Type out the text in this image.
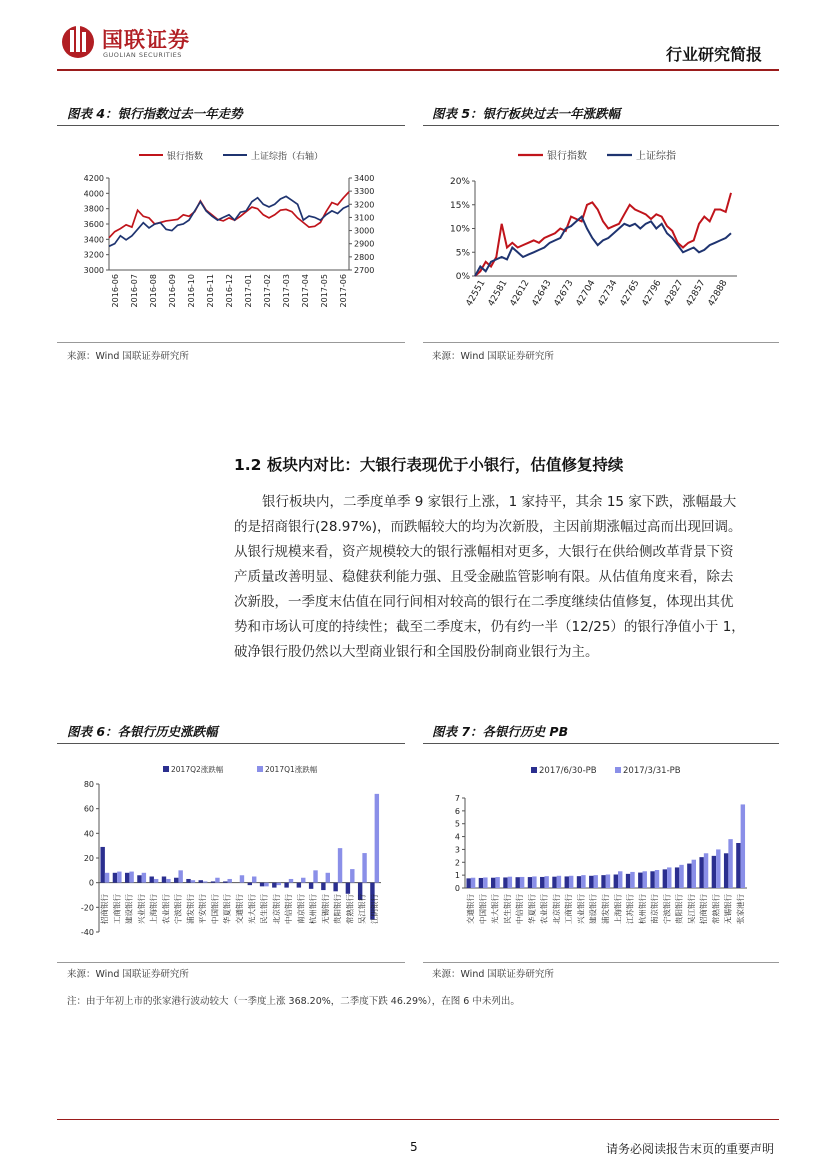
国联证券
GUOLIAN SECURITIES	行业研究简报
图表 4：银行指数过去一年走势
银行指数	上证综指（右轴）
4200
4000
3800
3600
3400
3200
3000
3400
3300
3200
3100
3000
2900
2800
2700
2016-06 2016-07 2016-08 2016-09 2016-10 2016-11 2016-12 2017-01 2017-02 2017-03 2017-04 2017-05 2017-06
来源：Wind 国联证券研究所
图表 5：银行板块过去一年涨跌幅
银行指数	上证综指
20%
15%
10%
5%
0%
42551 42581 42612 42643 42673 42704 42734 42765 42796 42827 42857 42888
来源：Wind 国联证券研究所
1.2 板块内对比：大银行表现优于小银行，估值修复持续

银行板块内，二季度单季 9 家银行上涨，1 家持平，其余 15 家下跌，涨幅最大

的是招商银行(28.97%)，而跌幅较大的均为次新股，主因前期涨幅过高而出现回调。

从银行规模来看，资产规模较大的银行涨幅相对更多，大银行在供给侧改革背景下资

产质量改善明显、稳健获利能力强、且受金融监管影响有限。从估值角度来看，除去

次新股，一季度末估值在同行间相对较高的银行在二季度继续估值修复，体现出其优

势和市场认可度的持续性；截至二季度末，仍有约一半（12/25）的银行净值小于 1，

破净银行股仍然以大型商业银行和全国股份制商业银行为主。

图表 6：各银行历史涨跌幅
2017Q2涨跌幅	2017Q1涨跌幅
80
60
40
20
0
-20
-40
招商银行 工商银行 建设银行 兴业银行 上海银行 农业银行 宁波银行 浦发银行 平安银行 中国银行 华夏银行 交通银行 光大银行 民生银行 北京银行 中信银行 南京银行 杭州银行 无锡银行 贵阳银行 常熟银行 吴江银行 江阴银行
来源：Wind 国联证券研究所
图表 7：各银行历史 PB
2017/6/30-PB	2017/3/31-PB
7
6
5
4
3
2
1
0
交通银行 中国银行 光大银行 民生银行 中信银行 华夏银行 农业银行 北京银行 工商银行 兴业银行 建设银行 浦发银行 上海银行 江苏银行 杭州银行 南京银行 宁波银行 贵阳银行 吴江银行 招商银行 常熟银行 无锡银行 张家港行
来源：Wind 国联证券研究所
注：由于年初上市的张家港行波动较大（一季度上涨 368.20%，二季度下跌 46.29%），在图 6 中未列出。
5	请务必阅读报告末页的重要声明
